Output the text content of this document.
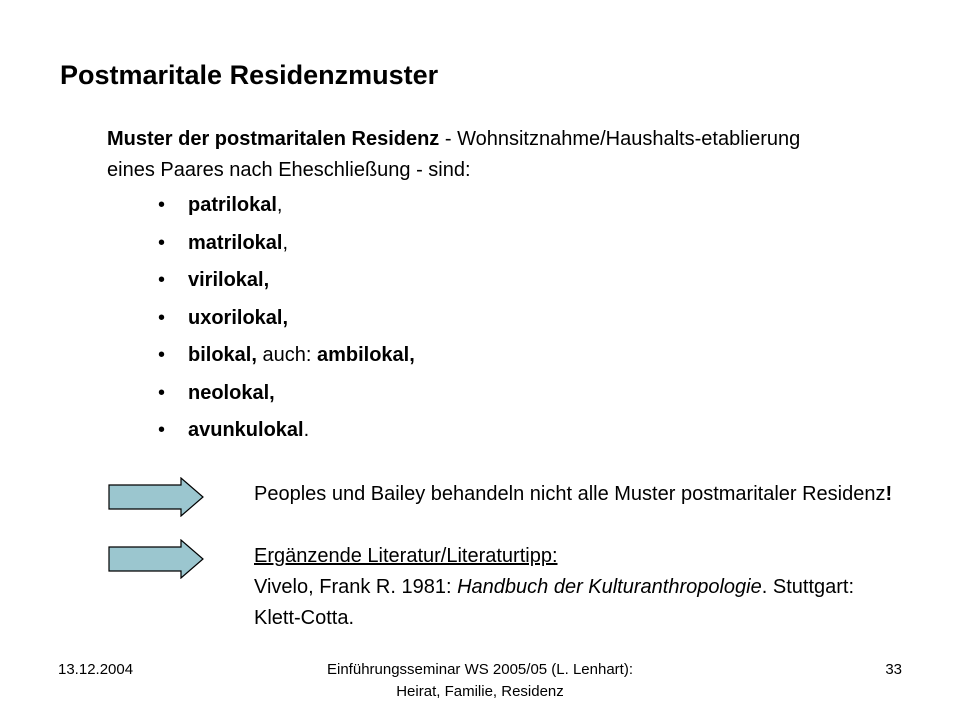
Postmaritale Residenzmuster
Muster der postmaritalen Residenz - Wohnsitznahme/Haushalts-etablierung eines Paares nach Eheschließung - sind:
• patrilokal,
• matrilokal,
• virilokal,
• uxorilokal,
• bilokal, auch: ambilokal,
• neolokal,
• avunkulokal.
Peoples und Bailey behandeln nicht alle Muster postmaritaler Residenz!
Ergänzende Literatur/Literaturtipp:
Vivelo, Frank R. 1981: Handbuch der Kulturanthropologie. Stuttgart: Klett-Cotta.
13.12.2004	Einführungsseminar WS 2005/05 (L. Lenhart):
Heirat, Familie, Residenz
33
